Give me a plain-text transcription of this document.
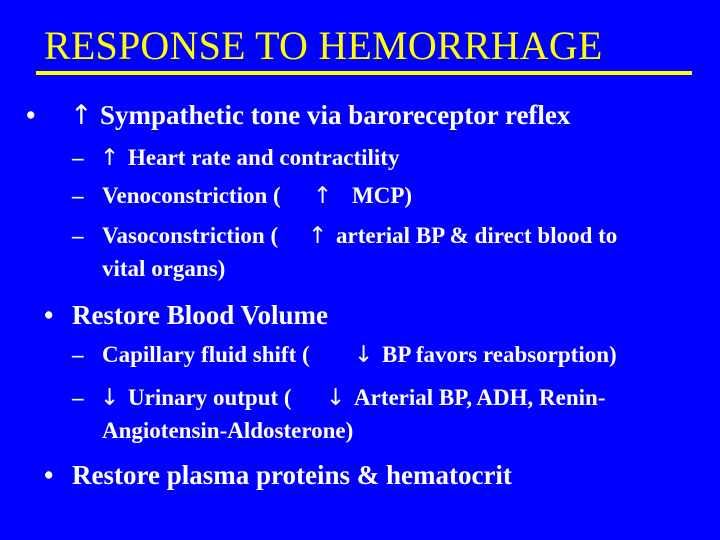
RESPONSE TO HEMORRHAGE
• ↑ Sympathetic tone via baroreceptor reflex
– ↑ Heart rate and contractility
– Venoconstriction ( ↑ MCP)
– Vasoconstriction ( ↑ arterial BP & direct blood to
vital organs)
• Restore Blood Volume
– Capillary fluid shift ( ↓ BP favors reabsorption)
– ↓ Urinary output ( ↓ Arterial BP, ADH, Renin-
Angiotensin-Aldosterone)
• Restore plasma proteins & hematocrit
